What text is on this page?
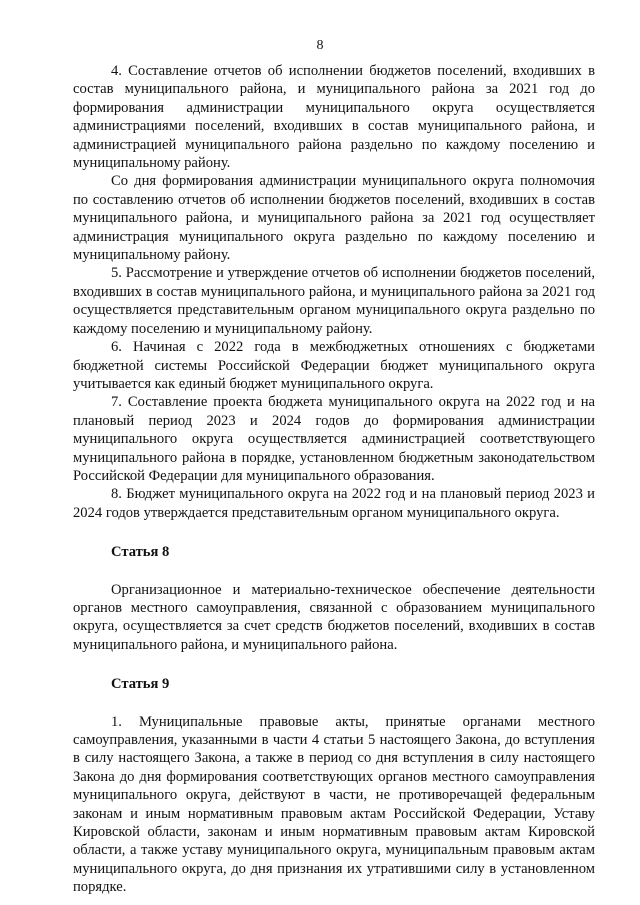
8

4. Составление отчетов об исполнении бюджетов поселений, входивших в состав муниципального района, и муниципального района за 2021 год до формирования администрации муниципального округа осуществляется администрациями поселений, входивших в состав муниципального района, и администрацией муниципального района раздельно по каждому поселению и муниципальному району.

Со дня формирования администрации муниципального округа полномочия по составлению отчетов об исполнении бюджетов поселений, входивших в состав муниципального района, и муниципального района за 2021 год осуществляет администрация муниципального округа раздельно по каждому поселению и муниципальному району.

5. Рассмотрение и утверждение отчетов об исполнении бюджетов поселений, входивших в состав муниципального района, и муниципального района за 2021 год осуществляется представительным органом муниципального округа раздельно по каждому поселению и муниципальному району.

6. Начиная с 2022 года в межбюджетных отношениях с бюджетами бюджетной системы Российской Федерации бюджет муниципального округа учитывается как единый бюджет муниципального округа.

7. Составление проекта бюджета муниципального округа на 2022 год и на плановый период 2023 и 2024 годов до формирования администрации муниципального округа осуществляется администрацией соответствующего муниципального района в порядке, установленном бюджетным законодательством Российской Федерации для муниципального образования.

8. Бюджет муниципального округа на 2022 год и на плановый период 2023 и 2024 годов утверждается представительным органом муниципального округа.

Статья 8

Организационное и материально-техническое обеспечение деятельности органов местного самоуправления, связанной с образованием муниципального округа, осуществляется за счет средств бюджетов поселений, входивших в состав муниципального района, и муниципального района.

Статья 9

1. Муниципальные правовые акты, принятые органами местного самоуправления, указанными в части 4 статьи 5 настоящего Закона, до вступления в силу настоящего Закона, а также в период со дня вступления в силу настоящего Закона до дня формирования соответствующих органов местного самоуправления муниципального округа, действуют в части, не противоречащей федеральным законам и иным нормативным правовым актам Российской Федерации, Уставу Кировской области, законам и иным нормативным правовым актам Кировской области, а также уставу муниципального округа, муниципальным правовым актам муниципального округа, до дня признания их утратившими силу в установленном порядке.
